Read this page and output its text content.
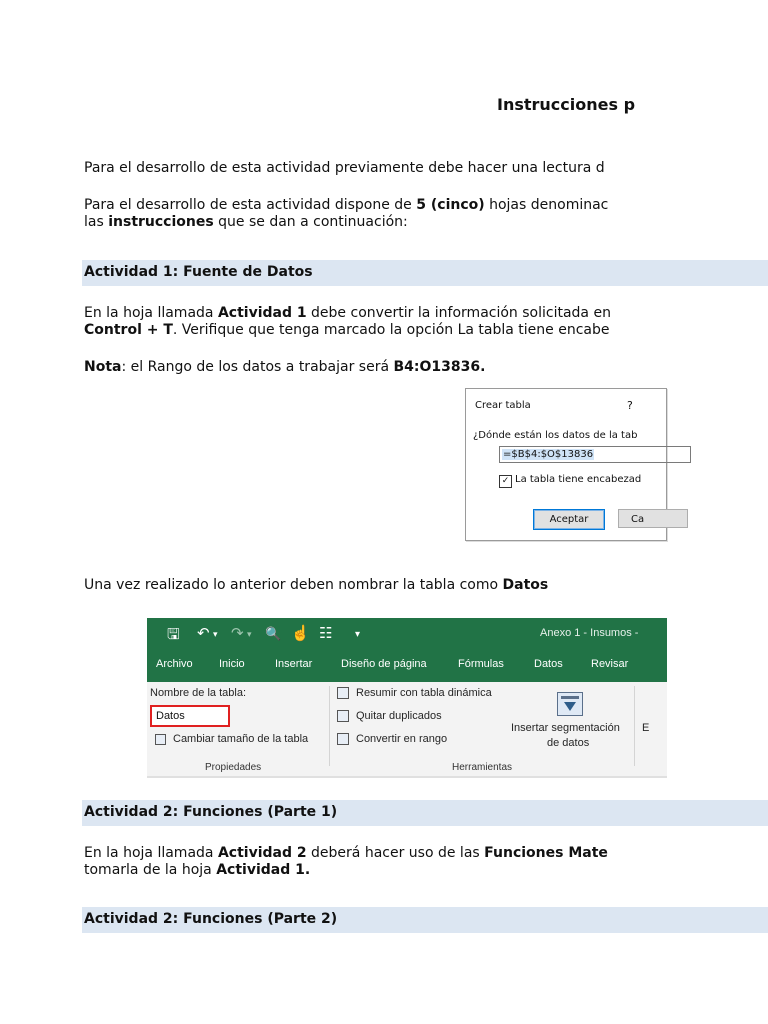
Instrucciones p
Para el desarrollo de esta actividad previamente debe hacer una lectura d
Para el desarrollo de esta actividad dispone de 5 (cinco) hojas denominac
las instrucciones que se dan a continuación:
Actividad 1: Fuente de Datos
En la hoja llamada Actividad 1 debe convertir la información solicitada en
Control + T. Verifique que tenga marcado la opción La tabla tiene encabe
Nota: el Rango de los datos a trabajar será B4:O13836.
Crear tabla	?
¿Dónde están los datos de la tab
=$B$4:$O$13836
✓ La tabla tiene encabezad
Aceptar	Ca
Una vez realizado lo anterior deben nombrar la tabla como Datos
🖫 ↶ ▾ ↷ ▾ 🔍 ☝ ☷ ▾	Anexo 1 - Insumos -
Archivo Inicio	Insertar	Diseño de página	Fórmulas	Datos	Revisar
Nombre de la tabla:
Datos
Cambiar tamaño de la tabla
Propiedades
Resumir con tabla dinámica
Quitar duplicados
Convertir en rango
Insertar segmentación
de datos
Herramientas
E
Actividad 2: Funciones (Parte 1)
En la hoja llamada Actividad 2 deberá hacer uso de las Funciones Mate
tomarla de la hoja Actividad 1.
Actividad 2: Funciones (Parte 2)
